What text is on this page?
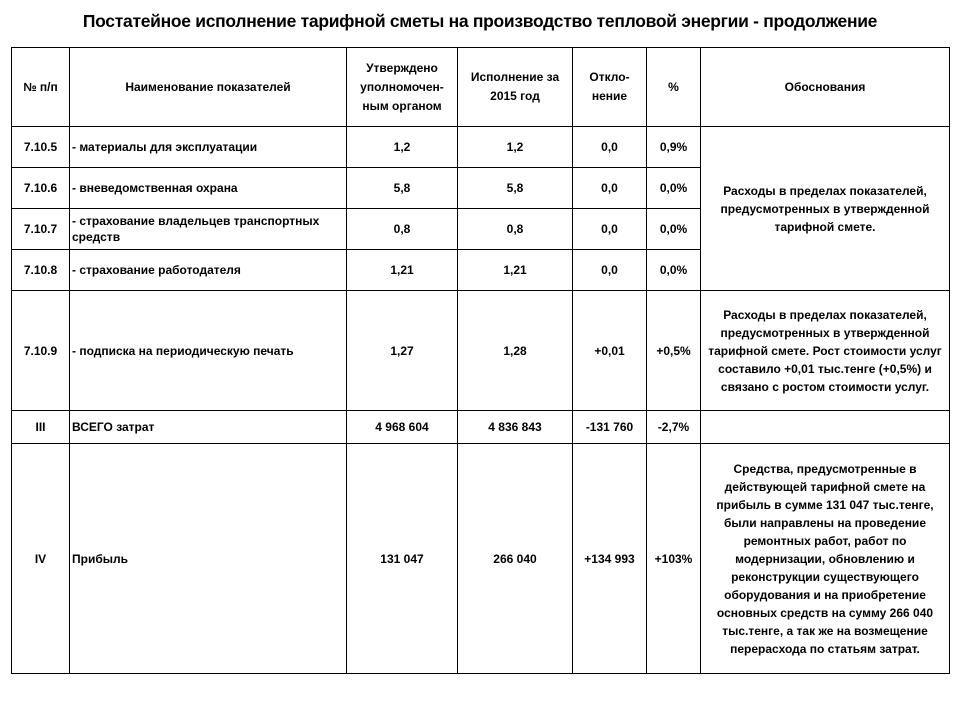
Постатейное исполнение тарифной сметы на производство тепловой энергии - продолжение
№ п/п	Наименование показателей	Утверждено уполномочен-ным органом	Исполнение за 2015 год	Откло-нение	%	Обоснования
7.10.5	- материалы для эксплуатации	1,2	1,2	0,0	0,9%	Расходы в пределах показателей, предусмотренных в утвержденной тарифной смете.
7.10.6	- вневедомственная охрана	5,8	5,8	0,0	0,0%	
7.10.7	- страхование владельцев транспортных средств	0,8	0,8	0,0	0,0%	
7.10.8	- страхование работодателя	1,21	1,21	0,0	0,0%	
7.10.9	- подписка на периодическую печать	1,27	1,28	+0,01	+0,5%	Расходы в пределах показателей, предусмотренных в утвержденной тарифной смете. Рост стоимости услуг составило +0,01 тыс.тенге (+0,5%) и связано с ростом стоимости услуг.
III	ВСЕГО затрат	4 968 604	4 836 843	-131 760	-2,7%	
IV	Прибыль	131 047	266 040	+134 993	+103%	Средства, предусмотренные в действующей тарифной смете на прибыль в сумме 131 047 тыс.тенге, были направлены на проведение ремонтных работ, работ по модернизации, обновлению и реконструкции существующего оборудования и на приобретение основных средств на сумму 266 040 тыс.тенге, а так же на возмещение перерасхода по статьям затрат.
